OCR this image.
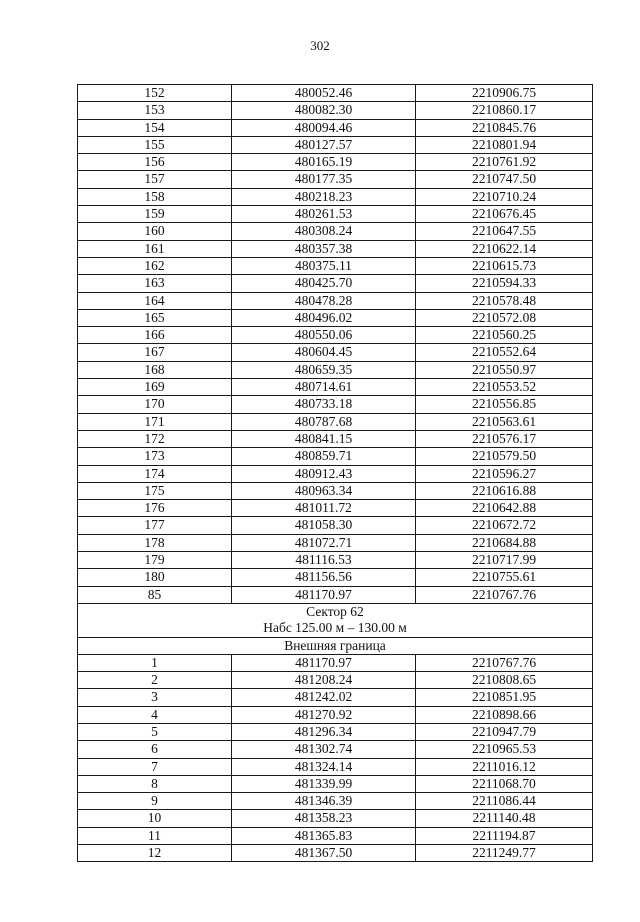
302
152	480052.46	2210906.75
153	480082.30	2210860.17
154	480094.46	2210845.76
155	480127.57	2210801.94
156	480165.19	2210761.92
157	480177.35	2210747.50
158	480218.23	2210710.24
159	480261.53	2210676.45
160	480308.24	2210647.55
161	480357.38	2210622.14
162	480375.11	2210615.73
163	480425.70	2210594.33
164	480478.28	2210578.48
165	480496.02	2210572.08
166	480550.06	2210560.25
167	480604.45	2210552.64
168	480659.35	2210550.97
169	480714.61	2210553.52
170	480733.18	2210556.85
171	480787.68	2210563.61
172	480841.15	2210576.17
173	480859.71	2210579.50
174	480912.43	2210596.27
175	480963.34	2210616.88
176	481011.72	2210642.88
177	481058.30	2210672.72
178	481072.71	2210684.88
179	481116.53	2210717.99
180	481156.56	2210755.61
85	481170.97	2210767.76

Сектор 62
Набс 125.00 м – 130.00 м		

Внешняя граница		
1	481170.97	2210767.76
2	481208.24	2210808.65
3	481242.02	2210851.95
4	481270.92	2210898.66
5	481296.34	2210947.79
6	481302.74	2210965.53
7	481324.14	2211016.12
8	481339.99	2211068.70
9	481346.39	2211086.44
10	481358.23	2211140.48
11	481365.83	2211194.87
12	481367.50	2211249.77
